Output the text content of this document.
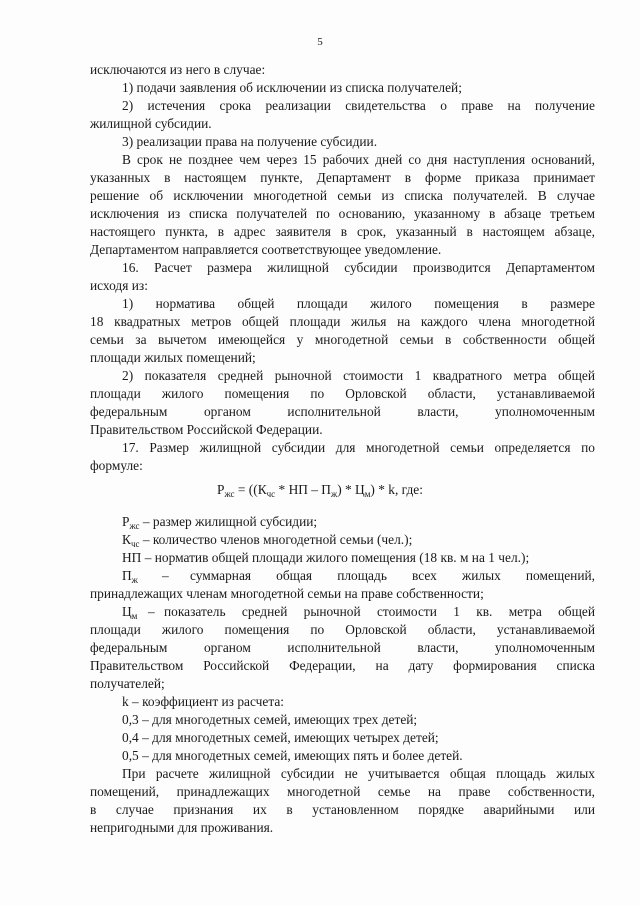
5
исключаются из него в случае:
1) подачи заявления об исключении из списка получателей;
2) истечения срока реализации свидетельства о праве на получение
жилищной субсидии.
3) реализации права на получение субсидии.
В срок не позднее чем через 15 рабочих дней со дня наступления оснований,
указанных в настоящем пункте, Департамент в форме приказа принимает
решение об исключении многодетной семьи из списка получателей. В случае
исключения из списка получателей по основанию, указанному в абзаце третьем
настоящего пункта, в адрес заявителя в срок, указанный в настоящем абзаце,
Департаментом направляется соответствующее уведомление.
16. Расчет размера жилищной субсидии производится Департаментом
исходя из:
1) норматива общей площади жилого помещения в размере
18 квадратных метров общей площади жилья на каждого члена многодетной
семьи за вычетом имеющейся у многодетной семьи в собственности общей
площади жилых помещений;
2) показателя средней рыночной стоимости 1 квадратного метра общей
площади жилого помещения по Орловской области, устанавливаемой
федеральным органом исполнительной власти, уполномоченным
Правительством Российской Федерации.
17. Размер жилищной субсидии для многодетной семьи определяется по
формуле:
$Р_{жс} = ((К_{чс}$ * НП – $П_ж) * Ц_м$) * k, где:
$Р_{жс}$ – размер жилищной субсидии;
$К_{чс}$ – количество членов многодетной семьи (чел.);
НП – норматив общей площади жилого помещения (18 кв. м на 1 чел.);
$П_ж$ – суммарная общая площадь всех жилых помещений,
принадлежащих членам многодетной семьи на праве собственности;
$Ц_м$ – показатель средней рыночной стоимости 1 кв. метра общей
площади жилого помещения по Орловской области, устанавливаемой
федеральным органом исполнительной власти, уполномоченным
Правительством Российской Федерации, на дату формирования списка
получателей;
k – коэффициент из расчета:
0,3 – для многодетных семей, имеющих трех детей;
0,4 – для многодетных семей, имеющих четырех детей;
0,5 – для многодетных семей, имеющих пять и более детей.
При расчете жилищной субсидии не учитывается общая площадь жилых
помещений, принадлежащих многодетной семье на праве собственности,
в случае признания их в установленном порядке аварийными или
непригодными для проживания.
